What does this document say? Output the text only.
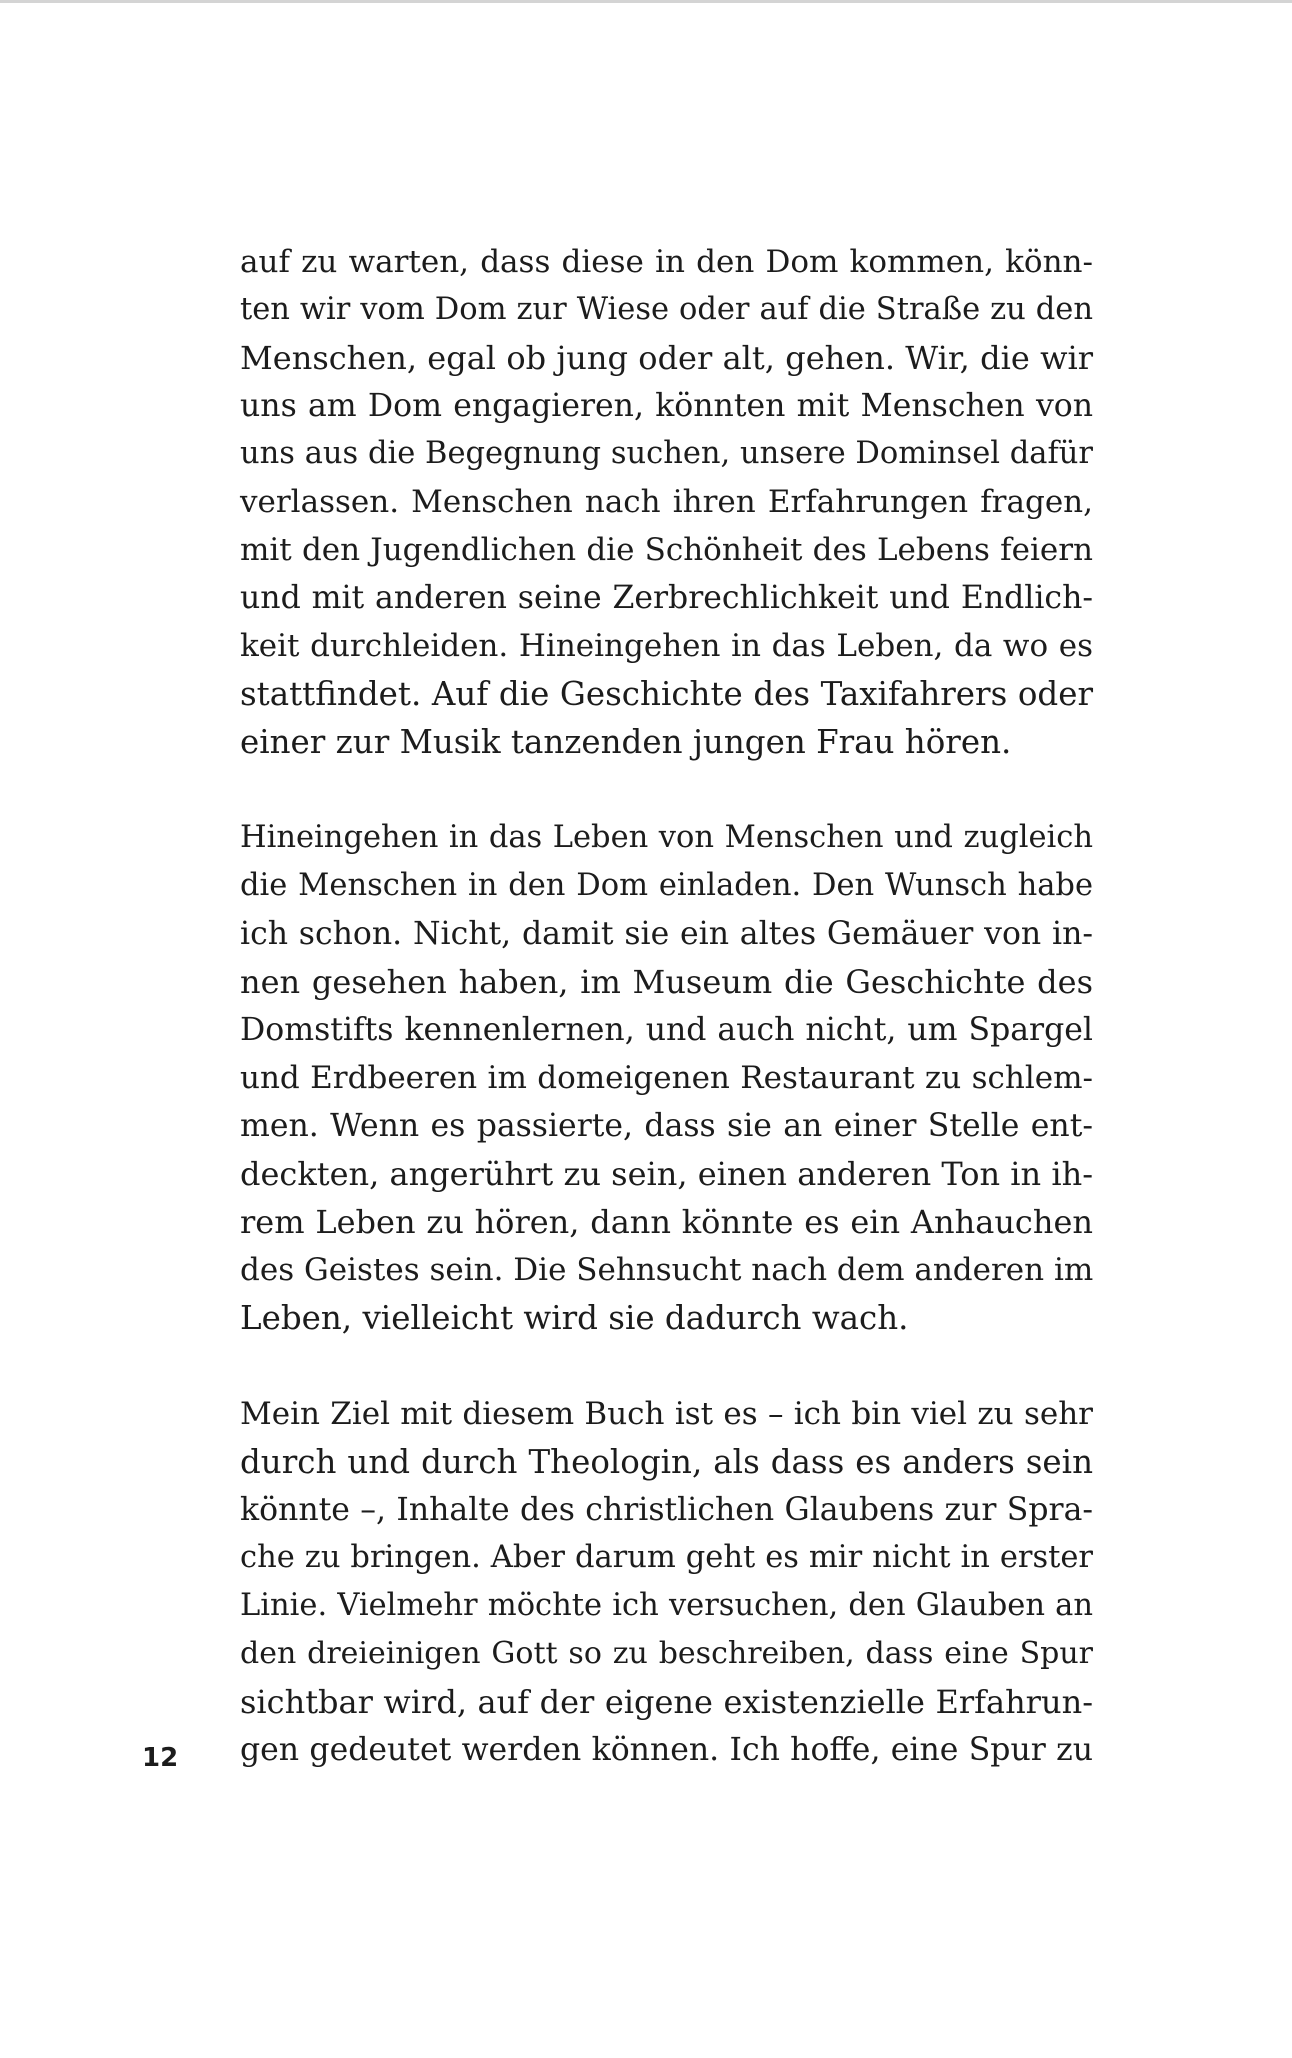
auf zu warten, dass diese in den Dom kommen, könn-
ten wir vom Dom zur Wiese oder auf die Straße zu den
Menschen, egal ob jung oder alt, gehen. Wir, die wir
uns am Dom engagieren, könnten mit Menschen von
uns aus die Begegnung suchen, unsere Dominsel dafür
verlassen. Menschen nach ihren Erfahrungen fragen,
mit den Jugendlichen die Schönheit des Lebens feiern
und mit anderen seine Zerbrechlichkeit und Endlich-
keit durchleiden. Hineingehen in das Leben, da wo es
stattfindet. Auf die Geschichte des Taxifahrers oder
einer zur Musik tanzenden jungen Frau hören.

Hineingehen in das Leben von Menschen und zugleich
die Menschen in den Dom einladen. Den Wunsch habe
ich schon. Nicht, damit sie ein altes Gemäuer von in-
nen gesehen haben, im Museum die Geschichte des
Domstifts kennenlernen, und auch nicht, um Spargel
und Erdbeeren im domeigenen Restaurant zu schlem-
men. Wenn es passierte, dass sie an einer Stelle ent-
deckten, angerührt zu sein, einen anderen Ton in ih-
rem Leben zu hören, dann könnte es ein Anhauchen
des Geistes sein. Die Sehnsucht nach dem anderen im
Leben, vielleicht wird sie dadurch wach.

Mein Ziel mit diesem Buch ist es – ich bin viel zu sehr
durch und durch Theologin, als dass es anders sein
könnte –, Inhalte des christlichen Glaubens zur Spra-
che zu bringen. Aber darum geht es mir nicht in erster
Linie. Vielmehr möchte ich versuchen, den Glauben an
den dreieinigen Gott so zu beschreiben, dass eine Spur
sichtbar wird, auf der eigene existenzielle Erfahrun-
gen gedeutet werden können. Ich hoffe, eine Spur zu

12
